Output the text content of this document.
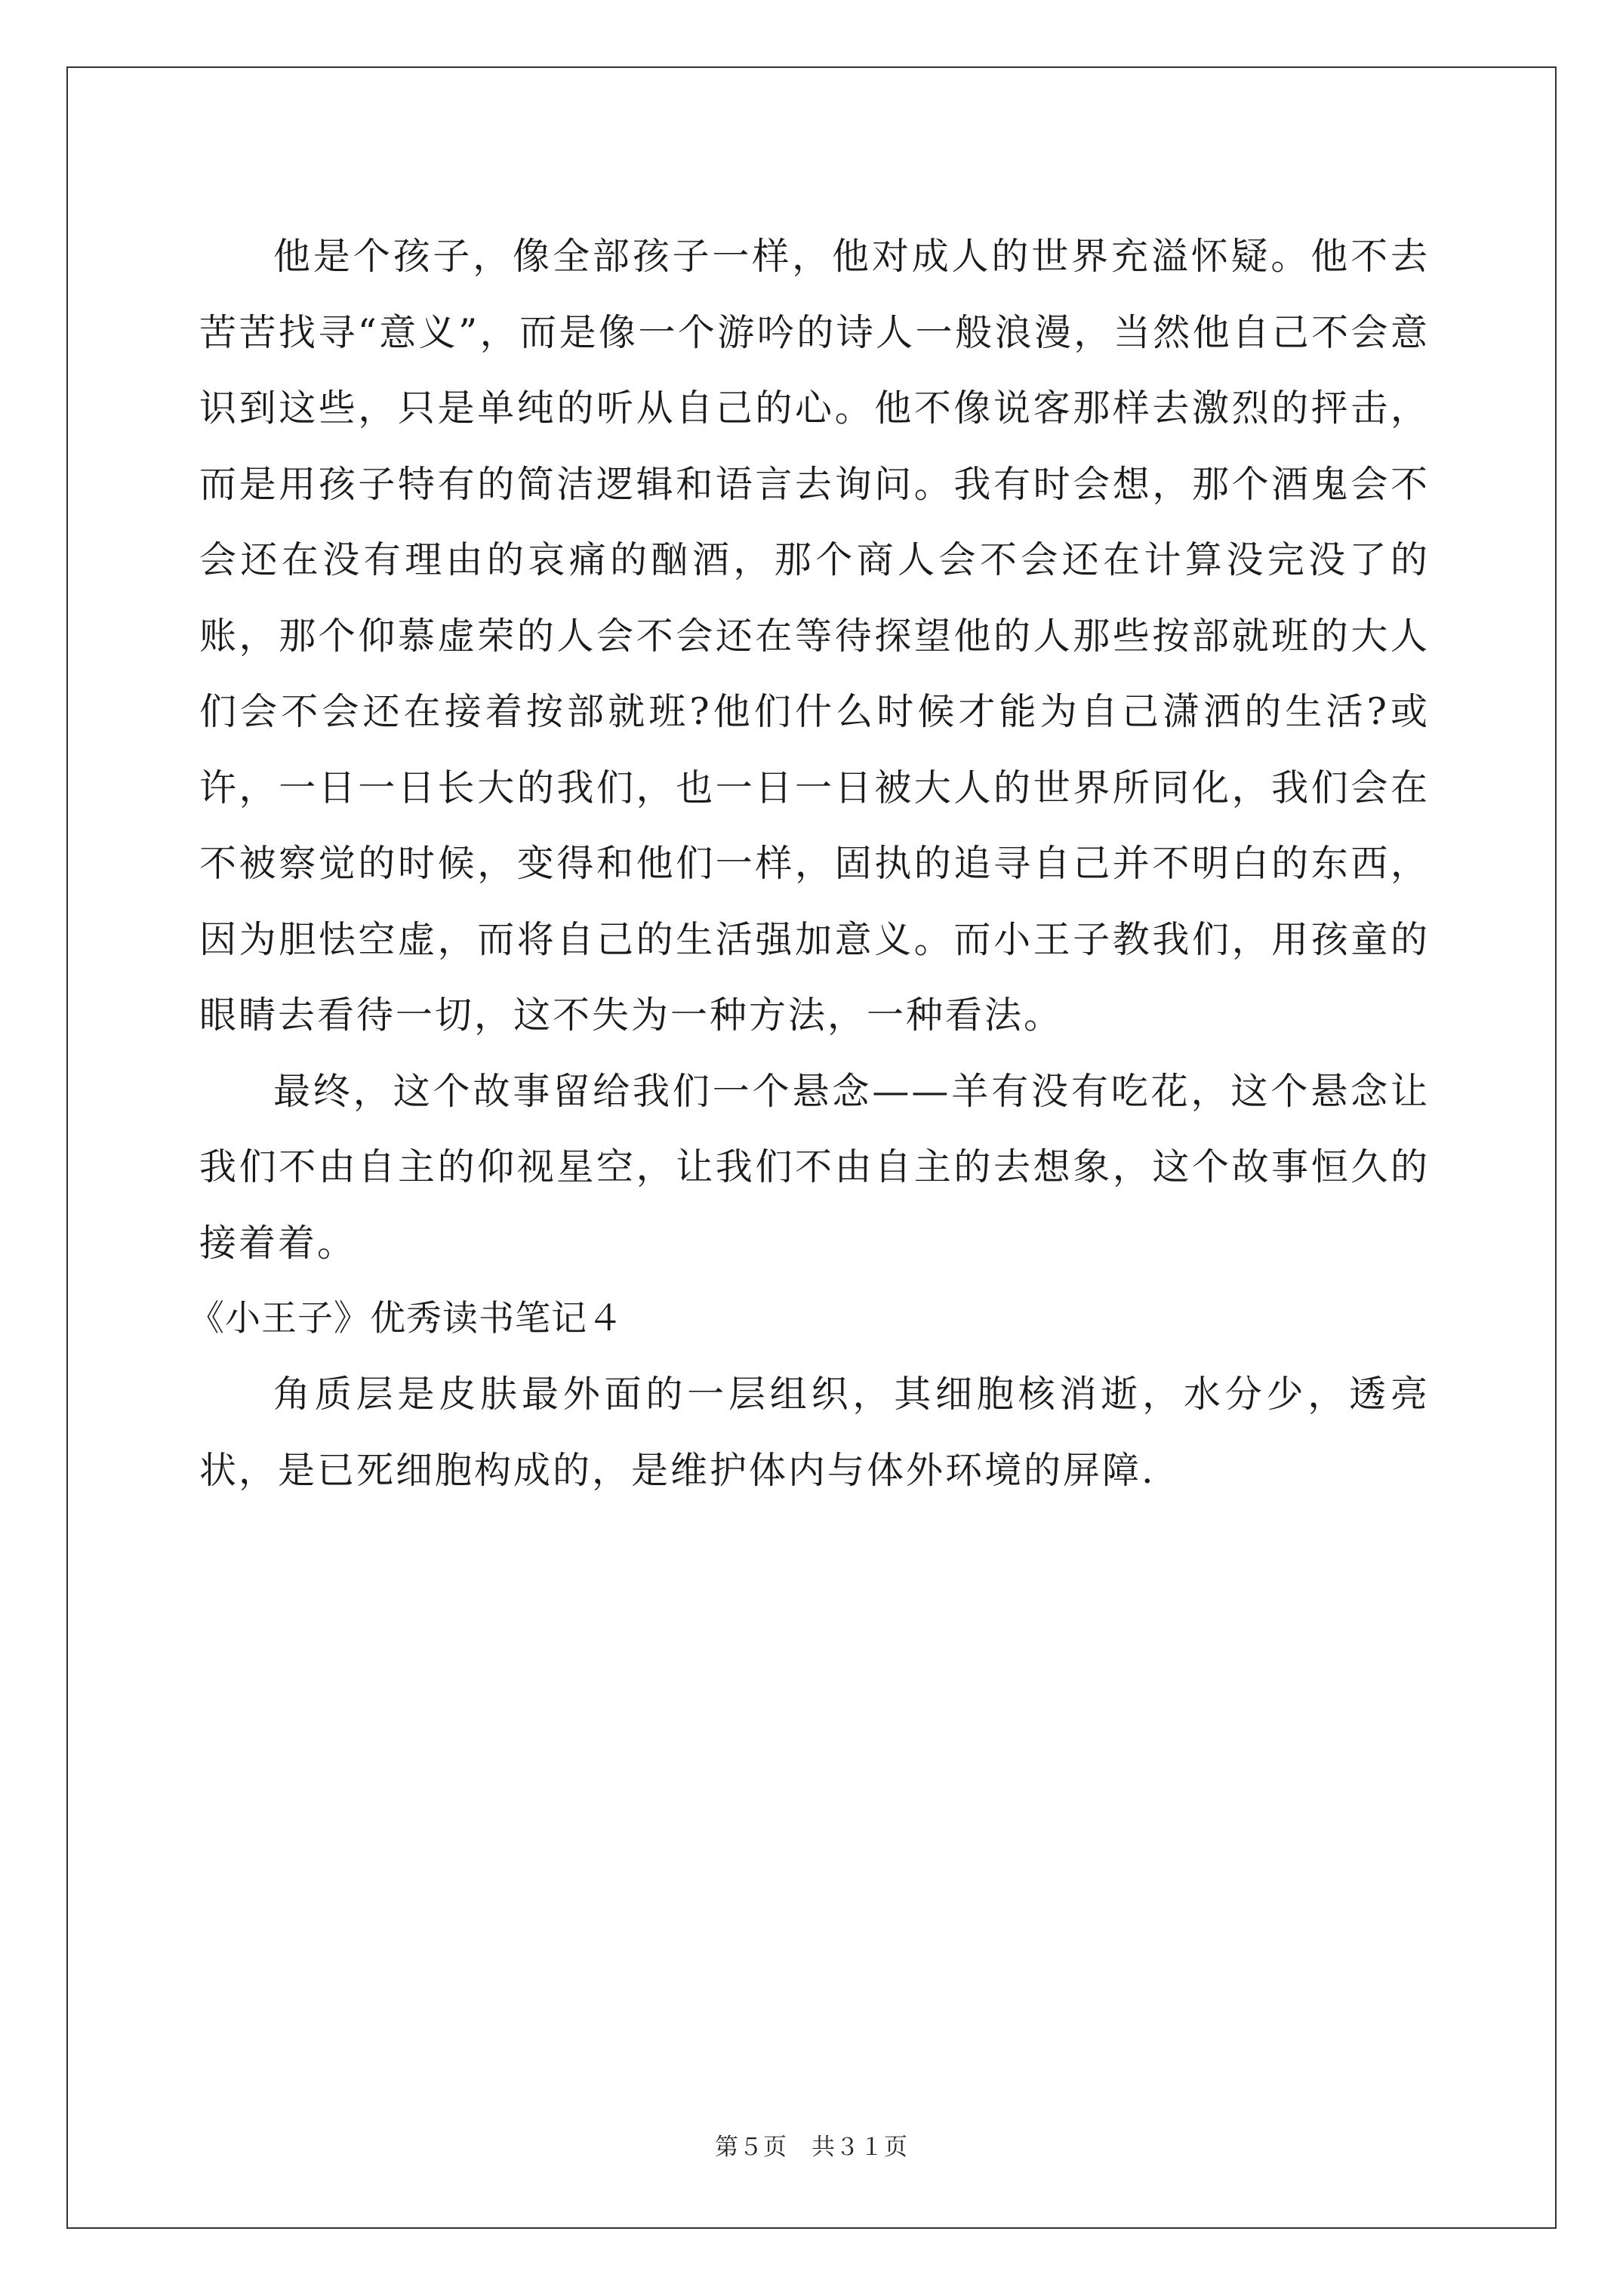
他是个孩子，像全部孩子一样，他对成人的世界充溢怀疑。他不去苦苦找寻“意义”，而是像一个游吟的诗人一般浪漫，当然他自己不会意识到这些，只是单纯的听从自己的心。他不像说客那样去激烈的抨击，而是用孩子特有的简洁逻辑和语言去询问。我有时会想，那个酒鬼会不会还在没有理由的哀痛的酗酒，那个商人会不会还在计算没完没了的账，那个仰慕虚荣的人会不会还在等待探望他的人那些按部就班的大人们会不会还在接着按部就班?他们什么时候才能为自己潇洒的生活?或许，一日一日长大的我们，也一日一日被大人的世界所同化，我们会在不被察觉的时候，变得和他们一样，固执的追寻自己并不明白的东西，因为胆怯空虚，而将自己的生活强加意义。而小王子教我们，用孩童的眼睛去看待一切，这不失为一种方法，一种看法。

最终，这个故事留给我们一个悬念——羊有没有吃花，这个悬念让我们不由自主的仰视星空，让我们不由自主的去想象，这个故事恒久的接着着。

《小王子》优秀读书笔记４

角质层是皮肤最外面的一层组织，其细胞核消逝，水分少，透亮状，是已死细胞构成的，是维护体内与体外环境的屏障.

第５页　共３１页
